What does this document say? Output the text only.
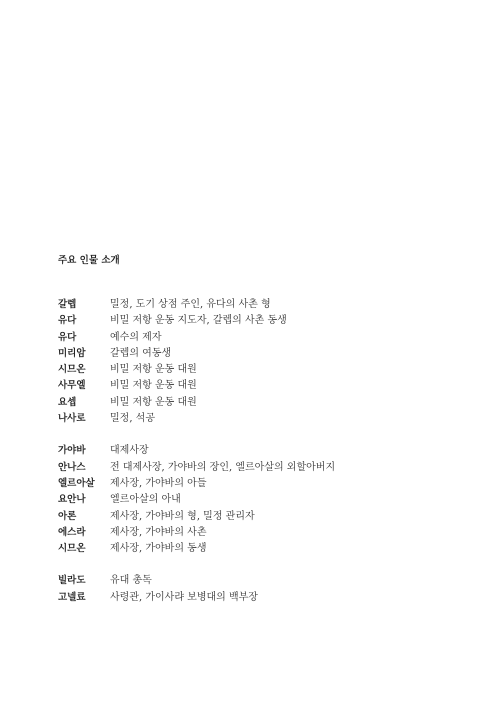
주요 인물 소개
갈렙	밀정, 도기 상점 주인, 유다의 사촌 형
유다	비밀 저항 운동 지도자, 갈렙의 사촌 동생
유다	예수의 제자
미리암	갈렙의 여동생
시므온	비밀 저항 운동 대원
사무엘	비밀 저항 운동 대원
요셉	비밀 저항 운동 대원
나사로	밀정, 석공
가야바	대제사장
안나스	전 대제사장, 가야바의 장인, 엘르아살의 외할아버지
엘르아살	제사장, 가야바의 아들
요안나	엘르아살의 아내
아론	제사장, 가야바의 형, 밀정 관리자
에스라	제사장, 가야바의 사촌
시므온	제사장, 가야바의 동생
빌라도	유대 총독
고넬료	사령관, 가이사랴 보병대의 백부장
